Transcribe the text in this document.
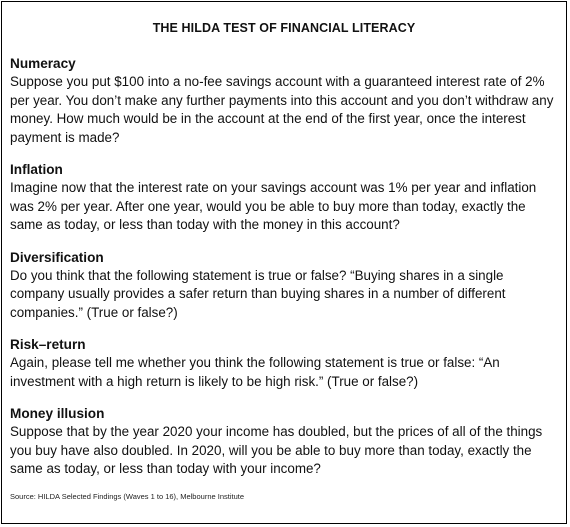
THE HILDA TEST OF FINANCIAL LITERACY
Numeracy
Suppose you put $100 into a no-fee savings account with a guaranteed interest rate of 2% per year. You don’t make any further payments into this account and you don’t withdraw any money. How much would be in the account at the end of the first year, once the interest payment is made?
Inflation
Imagine now that the interest rate on your savings account was 1% per year and inflation was 2% per year. After one year, would you be able to buy more than today, exactly the same as today, or less than today with the money in this account?
Diversification
Do you think that the following statement is true or false? “Buying shares in a single company usually provides a safer return than buying shares in a number of different companies.” (True or false?)
Risk–return
Again, please tell me whether you think the following statement is true or false: “An investment with a high return is likely to be high risk.” (True or false?)
Money illusion
Suppose that by the year 2020 your income has doubled, but the prices of all of the things you buy have also doubled. In 2020, will you be able to buy more than today, exactly the same as today, or less than today with your income?
Source: HILDA Selected Findings (Waves 1 to 16), Melbourne Institute
